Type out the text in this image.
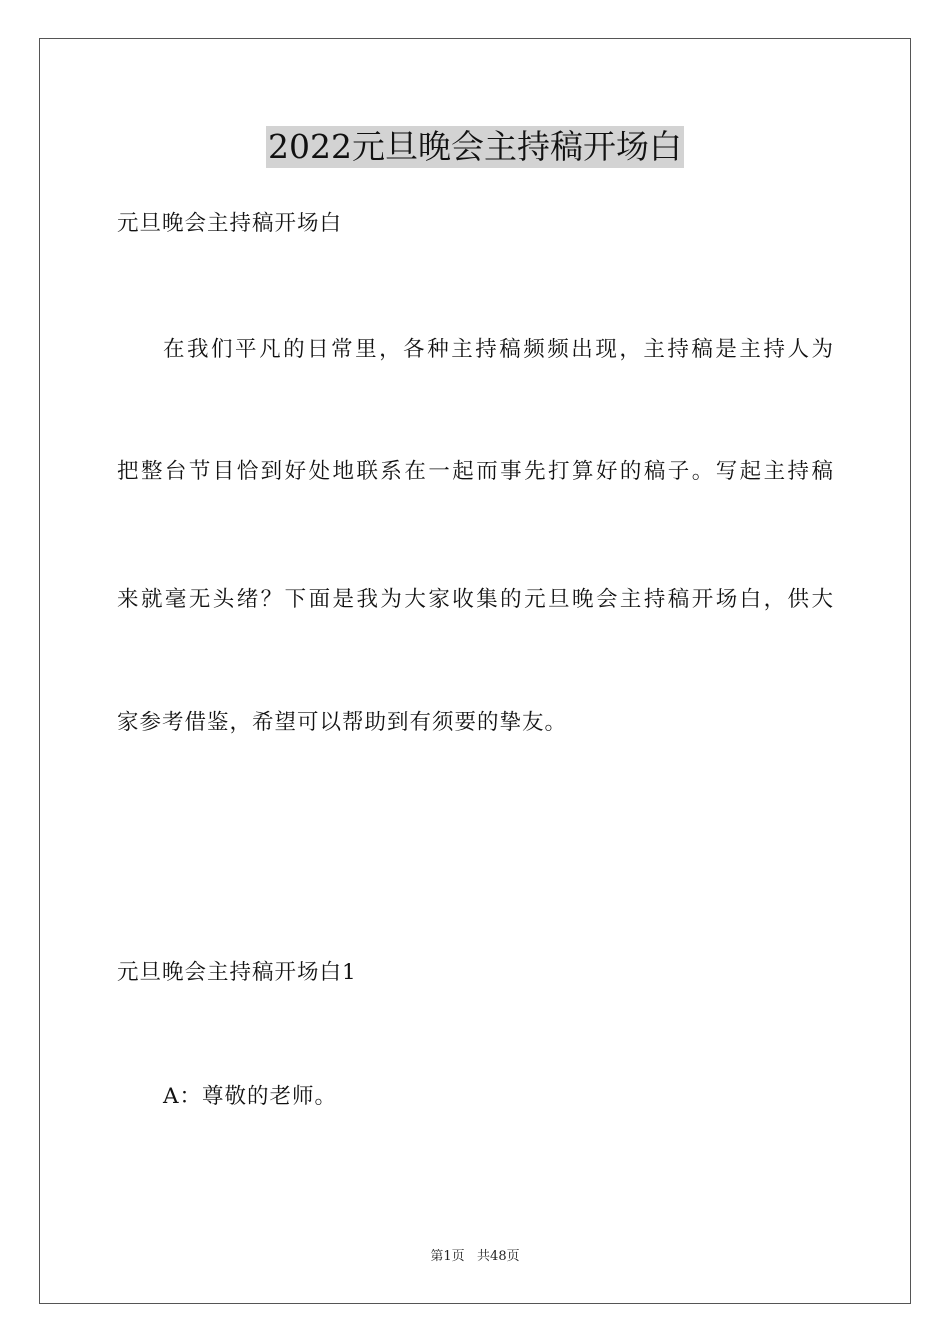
2022元旦晚会主持稿开场白
元旦晚会主持稿开场白
在我们平凡的日常里，各种主持稿频频出现，主持稿是主持人为
把整台节目恰到好处地联系在一起而事先打算好的稿子。写起主持稿
来就毫无头绪？下面是我为大家收集的元旦晚会主持稿开场白，供大
家参考借鉴，希望可以帮助到有须要的挚友。
元旦晚会主持稿开场白1
A：尊敬的老师。
第1页   共48页
